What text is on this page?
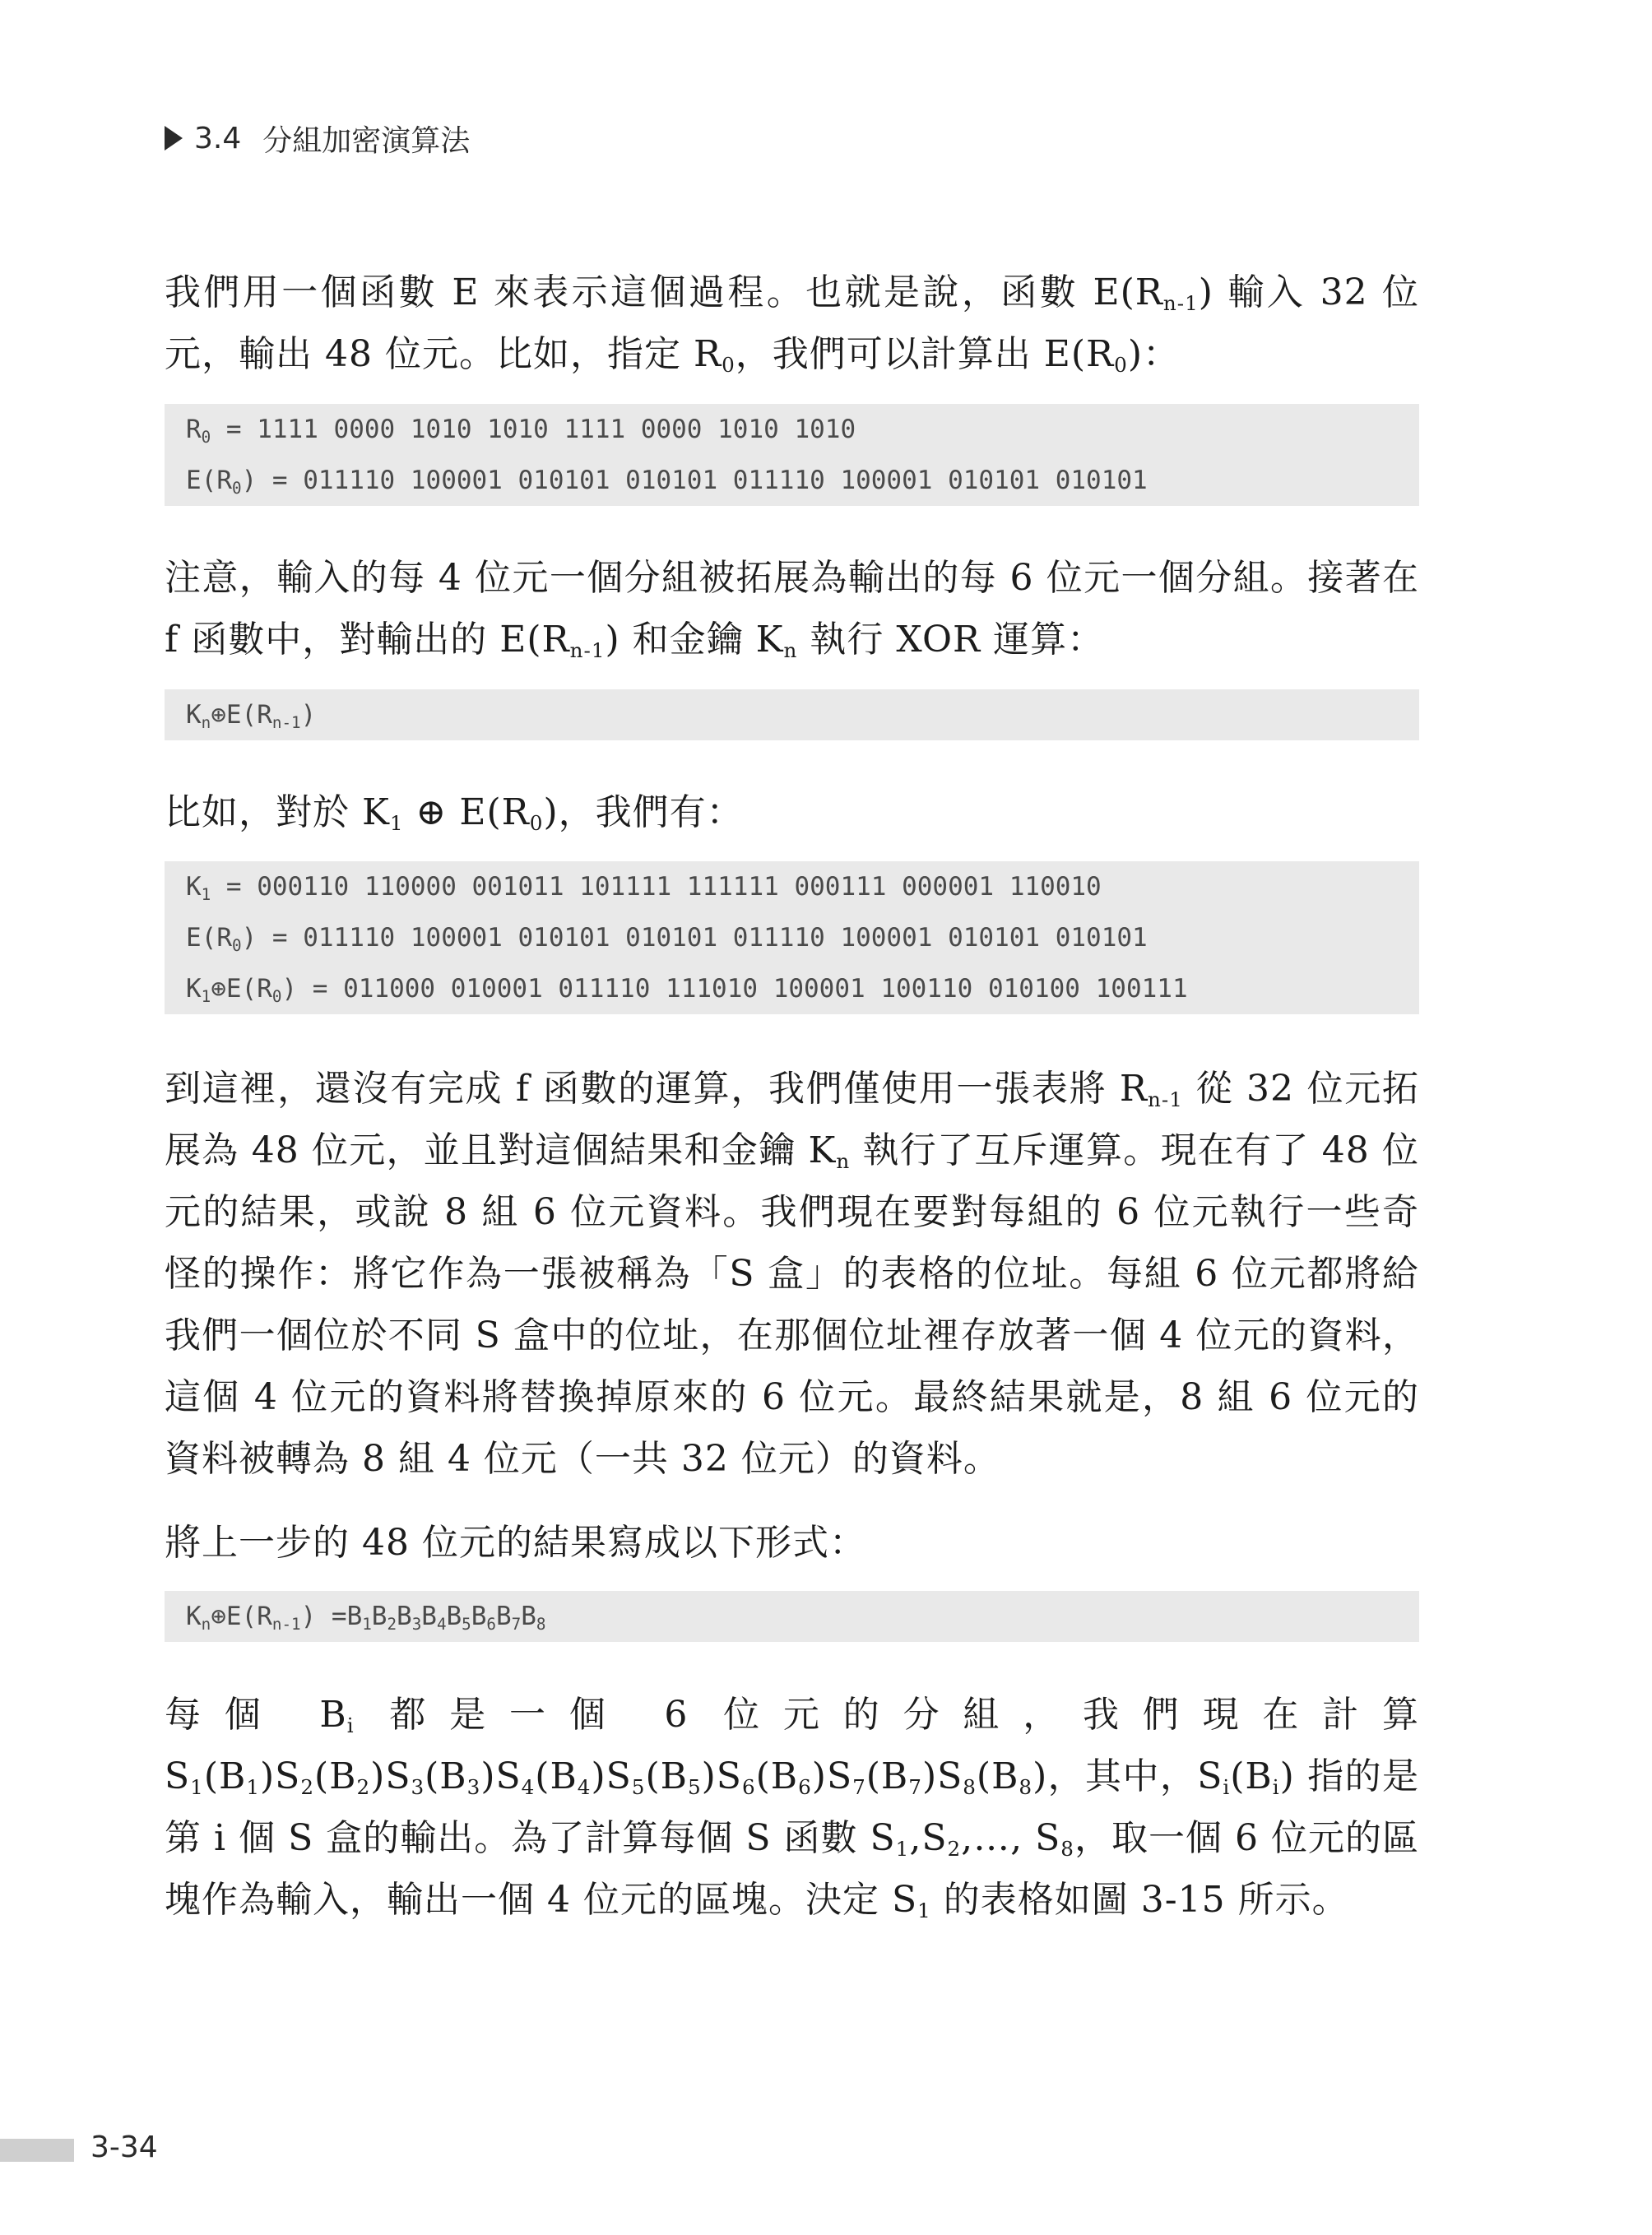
3.4 分組加密演算法

我們用一個函數 E 來表示這個過程。也就是說，函數 $E(R_{n-1})$ 輸入 32 位元，輸出 48 位元。比如，指定 $R_0$，我們可以計算出 $E(R_0)$：

$R_0 = 1111$ 0000 1010 1010 1111 0000 1010 1010
$E(R_0) = 011110$ 100001 010101 010101 011110 100001 010101 010101

注意，輸入的每 4 位元一個分組被拓展為輸出的每 6 位元一個分組。接著在 f 函數中，對輸出的 $E(R_{n-1})$ 和金鑰 $K_n$ 執行 XOR 運算：

$K_n\oplus E(R_{n-1})$

比如，對於 $K_1$ ⊕ $E(R_0)$，我們有：

$K_1 = 000110$ 110000 001011 101111 111111 000111 000001 110010
$E(R_0) = 011110$ 100001 010101 010101 011110 100001 010101 010101
$K_1\oplus E(R_0) = 011000$ 010001 011110 111010 100001 100110 010100 100111

到這裡，還沒有完成 f 函數的運算，我們僅使用一張表將 $R_{n-1}$ 從 32 位元拓展為 48 位元，並且對這個結果和金鑰 $K_n$ 執行了互斥運算。現在有了 48 位元的結果，或說 8 組 6 位元資料。我們現在要對每組的 6 位元執行一些奇怪的操作：將它作為一張被稱為「S 盒」的表格的位址。每組 6 位元都將給我們一個位於不同 S 盒中的位址，在那個位址裡存放著一個 4 位元的資料，這個 4 位元的資料將替換掉原來的 6 位元。最終結果就是，8 組 6 位元的資料被轉為 8 組 4 位元（一共 32 位元）的資料。

將上一步的 48 位元的結果寫成以下形式：

$K_n\oplus E(R_{n-1}) =B_1B_2B_3B_4B_5B_6B_7B_8$

每個 $B_i$ 都是一個 6 位元的分組，我們現在計算 $S_1(B_1)S_2(B_2)S_3(B_3)S_4(B_4)S_5(B_5)S_6(B_6)S_7(B_7)S_8(B_8)$，其中，$S_i(B_i)$ 指的是第 i 個 S 盒的輸出。為了計算每個 S 函數 $S_1,S_2,\dots$, $S_8$，取一個 6 位元的區塊作為輸入，輸出一個 4 位元的區塊。決定 $S_1$ 的表格如圖 3-15 所示。

3-34
